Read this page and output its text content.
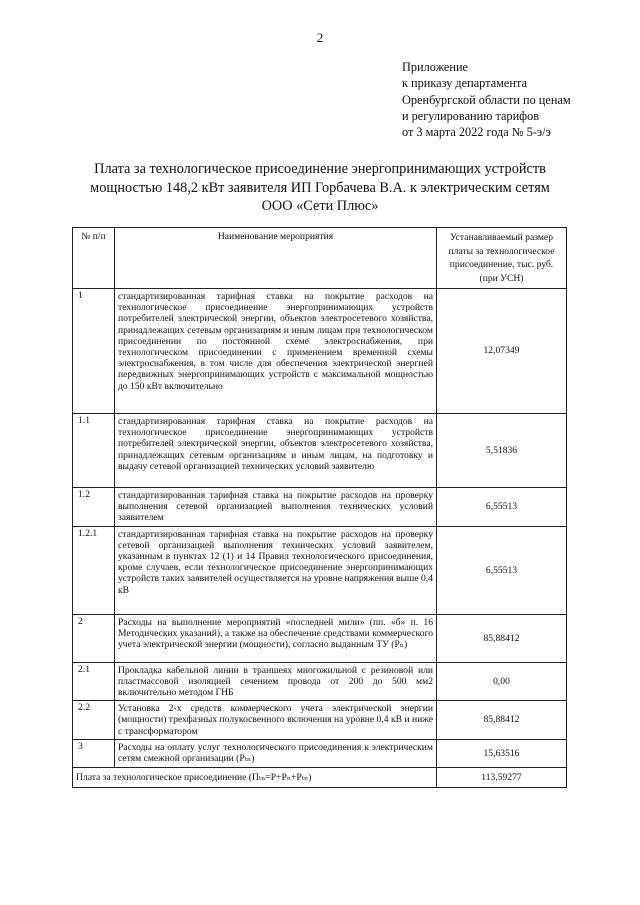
2
Приложение
к приказу департамента
Оренбургской области по ценам
и регулированию тарифов
от 3 марта 2022 года № 5-э/э
Плата за технологическое присоединение энергопринимающих устройств
мощностью 148,2 кВт заявителя ИП Горбачева В.А. к электрическим сетям
ООО «Сети Плюс»
№ п/п	Наименование мероприятия	Устанавливаемый размер платы за технологическое присоединение, тыс. руб. (при УСН)
1	стандартизированная тарифная ставка на покрытие расходов на технологическое присоединение энергопринимающих устройств потребителей электрической энергии, объектов электросетевого хозяйства, принадлежащих сетевым организациям и иным лицам при технологическом присоединении по постоянной схеме электроснабжения, при технологическом присоединении с применением временной схемы электроснабжения, в том числе для обеспечения электрической энергией передвижных энергопринимающих устройств с максимальной мощностью до 150 кВт включительно	12,07349
1.1	стандартизированная тарифная ставка на покрытие расходов на технологическое присоединение энергопринимающих устройств потребителей электрической энергии, объектов электросетевого хозяйства, принадлежащих сетевым организациям и иным лицам, на подготовку и выдачу сетевой организацией технических условий заявителю	5,51836
1.2	стандартизированная тарифная ставка на покрытие расходов на проверку выполнения сетевой организацией выполнения технических условий заявителем	6,55513
1.2.1	стандартизированная тарифная ставка на покрытие расходов на проверку сетевой организацией выполнения технических условий заявителем, указанным в пунктах 12 (1) и 14 Правил технологического присоединения, кроме случаев, если технологическое присоединение энергопринимающих устройств таких заявителей осуществляется на уровне напряжения выше 0,4 кВ	6,55513
2	Расходы на выполнение мероприятий «последней мили» (пп. «б» п. 16 Методических указаний), а также на обеспечение средствами коммерческого учета электрической энергии (мощности), согласно выданным ТУ (Рₙ)	85,88412
2.1	Прокладка кабельной линии в траншеях многожильной с резиновой или пластмассовой изоляцией сечением провода от 200 до 500 мм2 включительно методом ГНБ	0,00
2.2	Установка 2-х средств коммерческого учета электрической энергии (мощности) трехфазных полукосвенного включения на уровне 0,4 кВ и ниже с трансформатором	85,88412
3	Расходы на оплату услуг технологического присоединения к электрическим сетям смежной организации (Pₜₙ)	15,63516
Плата за технологическое присоединение (Пₜₙ=Р+Рₙ+Рₜₙ)		113,59277
